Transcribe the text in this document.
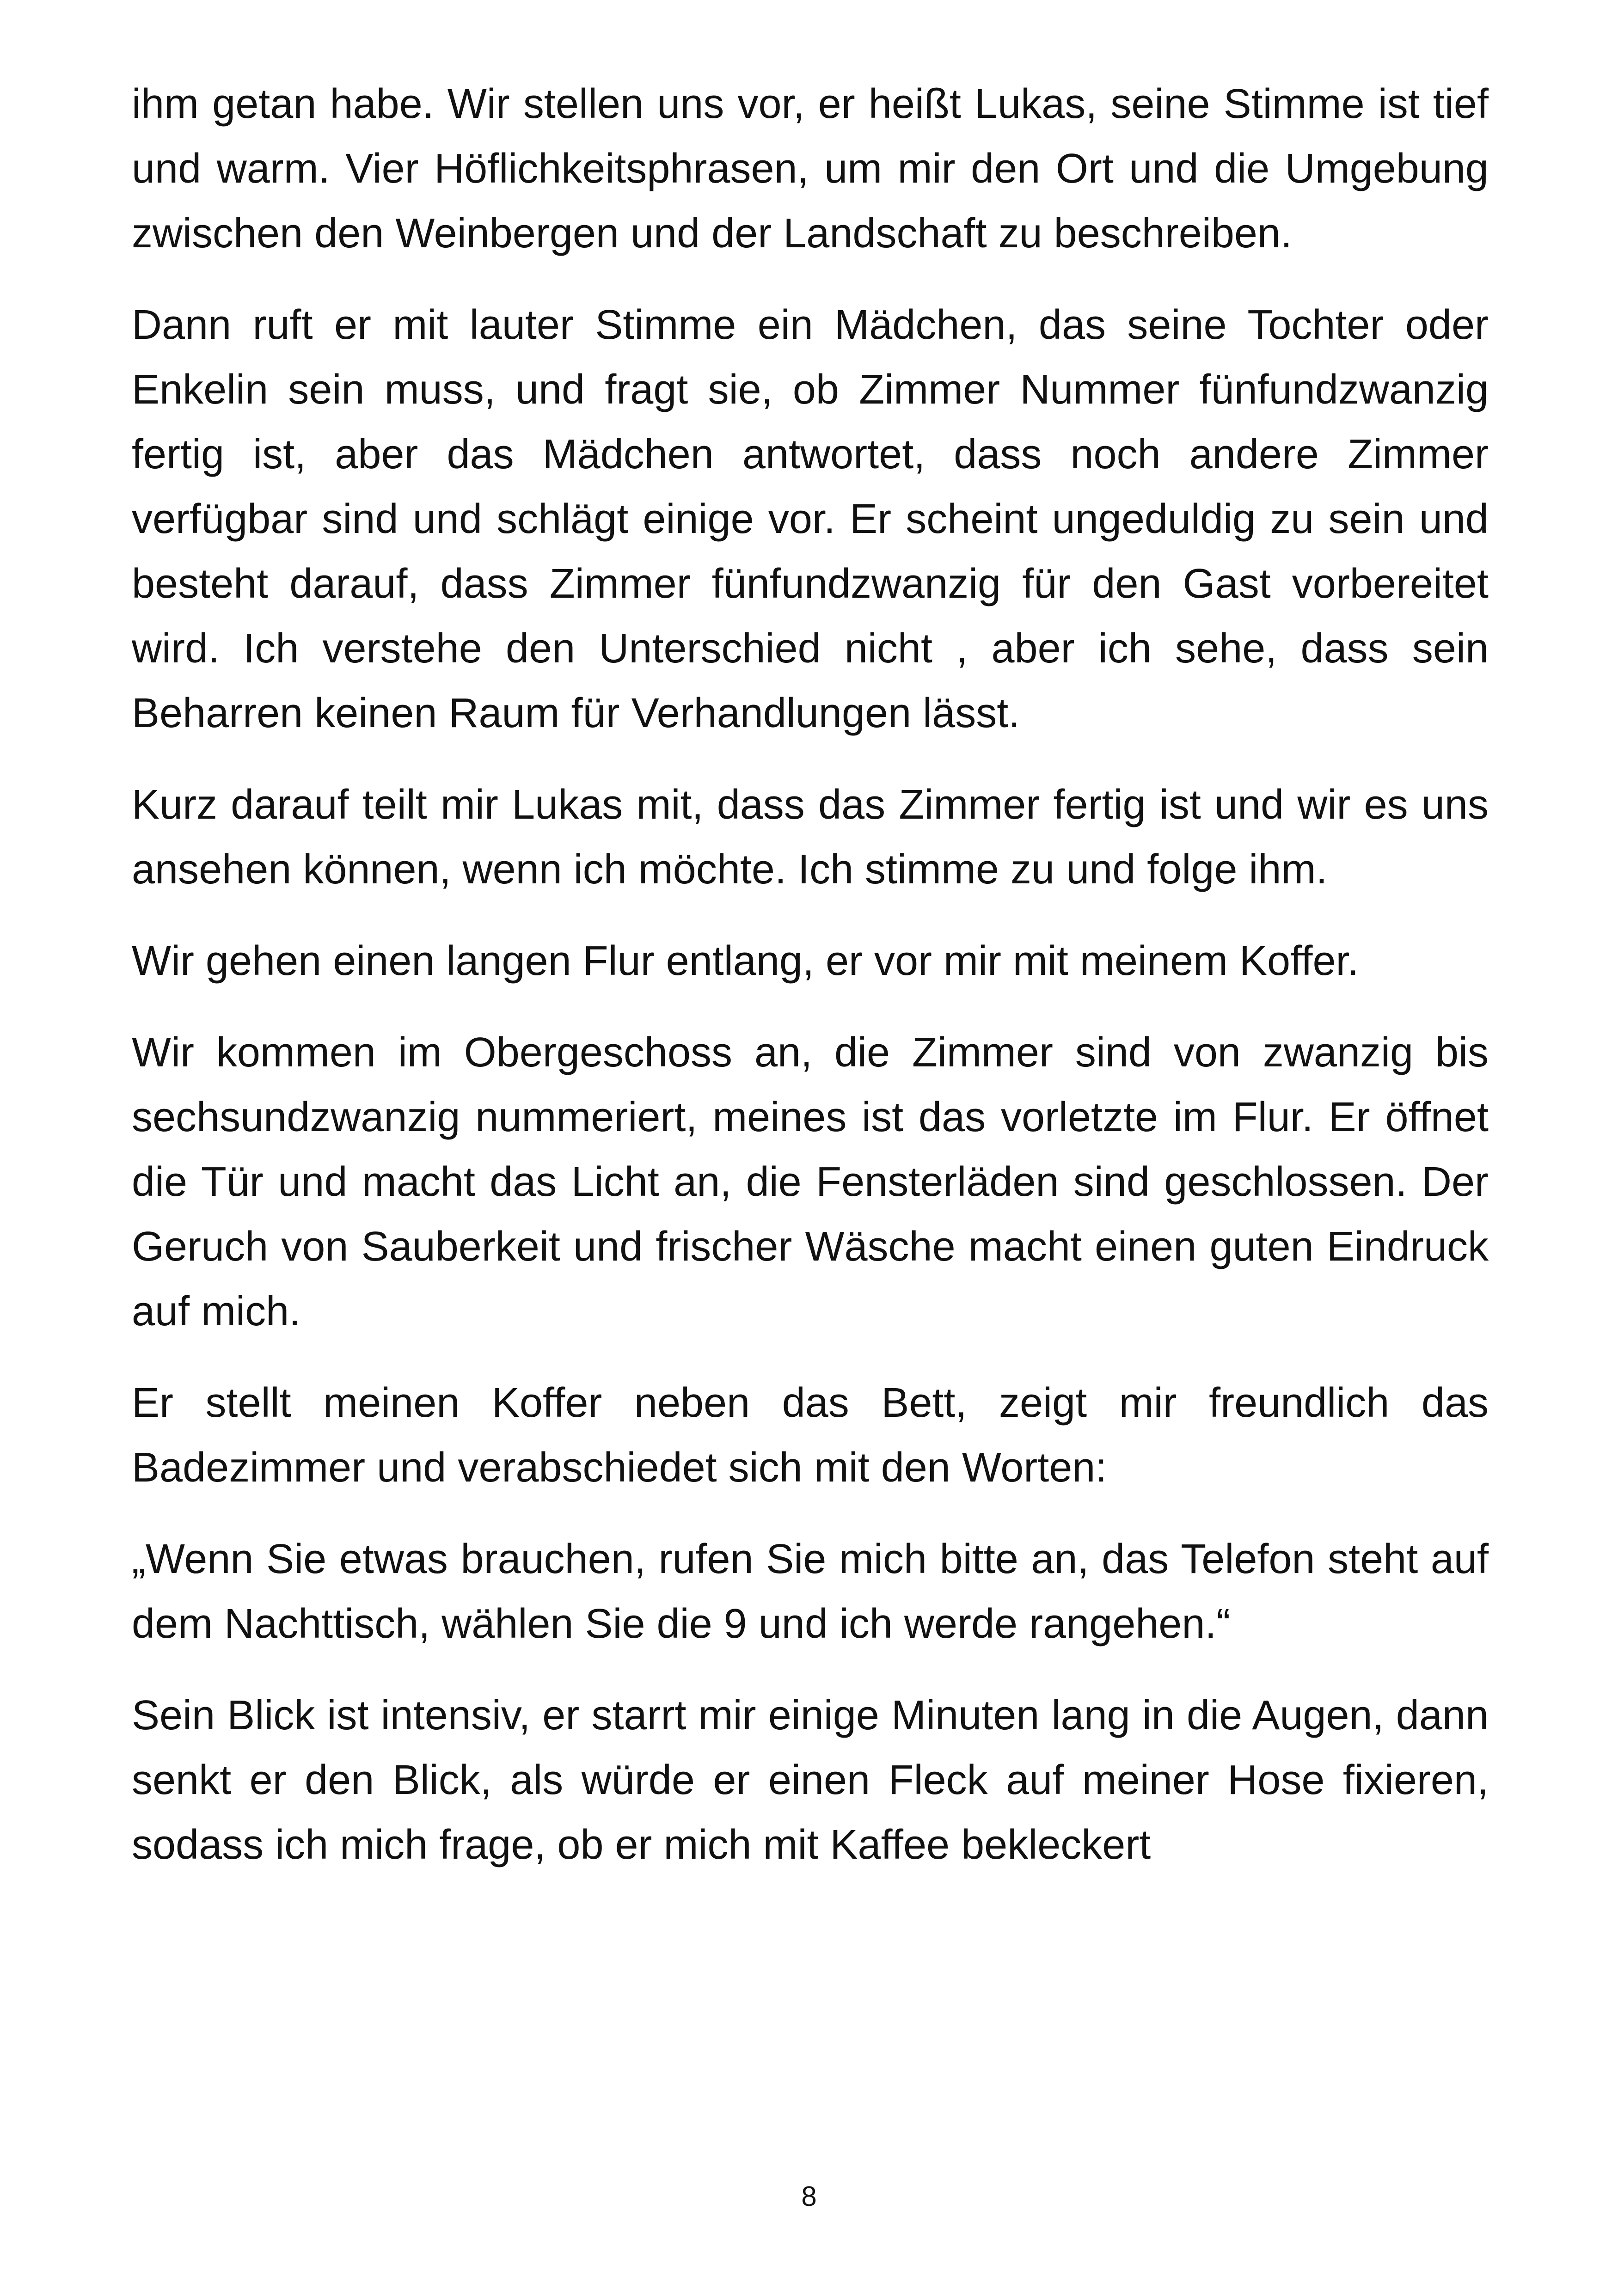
ihm getan habe. Wir stellen uns vor, er heißt Lukas, seine Stimme ist tief und warm. Vier Höflichkeitsphrasen, um mir den Ort und die Umgebung zwischen den Weinbergen und der Landschaft zu beschreiben.

Dann ruft er mit lauter Stimme ein Mädchen, das seine Tochter oder Enkelin sein muss, und fragt sie, ob Zimmer Nummer fünfundzwanzig fertig ist, aber das Mädchen antwortet, dass noch andere Zimmer verfügbar sind und schlägt einige vor. Er scheint ungeduldig zu sein und besteht darauf, dass Zimmer fünfundzwanzig für den Gast vorbereitet wird. Ich verstehe den Unterschied nicht , aber ich sehe, dass sein Beharren keinen Raum für Verhandlungen lässt.

Kurz darauf teilt mir Lukas mit, dass das Zimmer fertig ist und wir es uns ansehen können, wenn ich möchte. Ich stimme zu und folge ihm.

Wir gehen einen langen Flur entlang, er vor mir mit meinem Koffer.

Wir kommen im Obergeschoss an, die Zimmer sind von zwanzig bis sechsundzwanzig nummeriert, meines ist das vorletzte im Flur. Er öffnet die Tür und macht das Licht an, die Fensterläden sind geschlossen. Der Geruch von Sauberkeit und frischer Wäsche macht einen guten Eindruck auf mich.

Er stellt meinen Koffer neben das Bett, zeigt mir freundlich das Badezimmer und verabschiedet sich mit den Worten:

„Wenn Sie etwas brauchen, rufen Sie mich bitte an, das Telefon steht auf dem Nachttisch, wählen Sie die 9 und ich werde rangehen.“

Sein Blick ist intensiv, er starrt mir einige Minuten lang in die Augen, dann senkt er den Blick, als würde er einen Fleck auf meiner Hose fixieren, sodass ich mich frage, ob er mich mit Kaffee bekleckert

8
